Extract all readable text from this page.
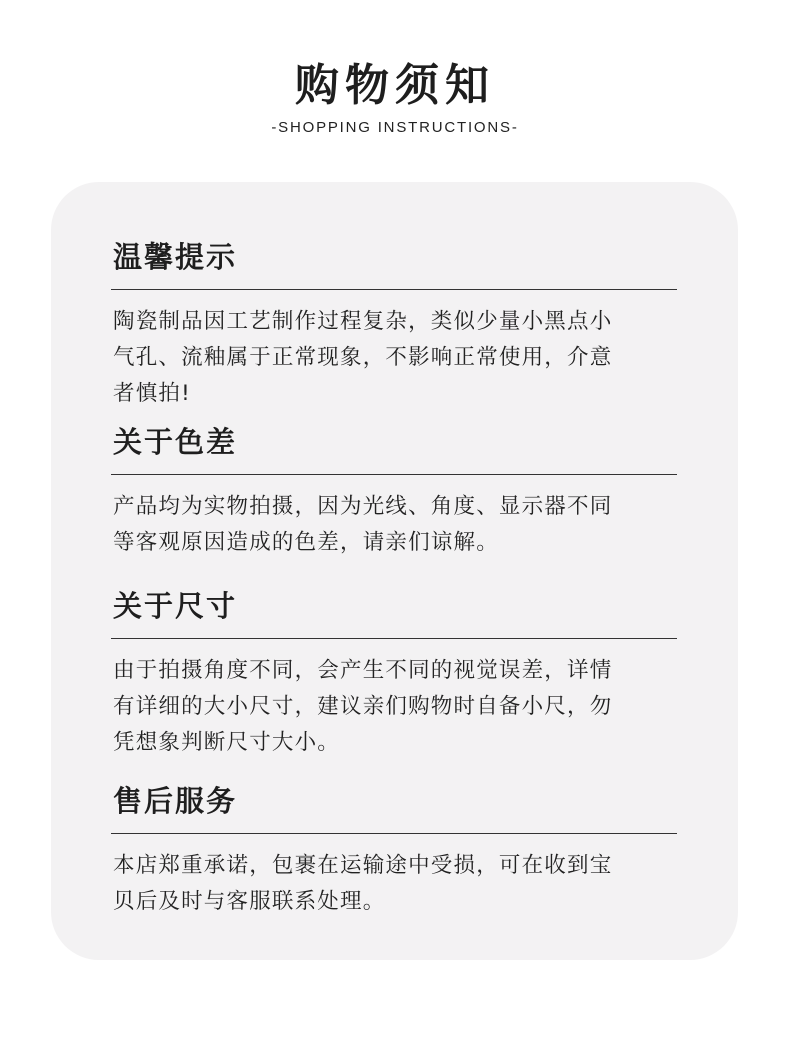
购物须知
-SHOPPING INSTRUCTIONS-
温馨提示
陶瓷制品因工艺制作过程复杂，类似少量小黑点小
气孔、流釉属于正常现象，不影响正常使用，介意
者慎拍!
关于色差
产品均为实物拍摄，因为光线、角度、显示器不同
等客观原因造成的色差，请亲们谅解。
关于尺寸
由于拍摄角度不同，会产生不同的视觉误差，详情
有详细的大小尺寸，建议亲们购物时自备小尺，勿
凭想象判断尺寸大小。
售后服务
本店郑重承诺，包裹在运输途中受损，可在收到宝
贝后及时与客服联系处理。
